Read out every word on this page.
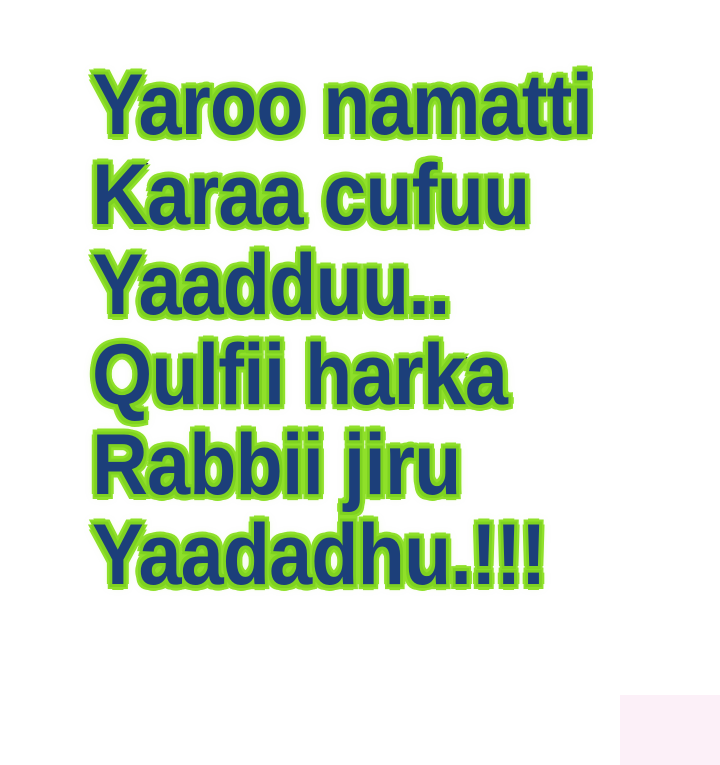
Yaroo namatti
Karaa cufuu
Yaadduu..
Qulfii harka
Rabbii jiru
Yaadadhu.!!!
